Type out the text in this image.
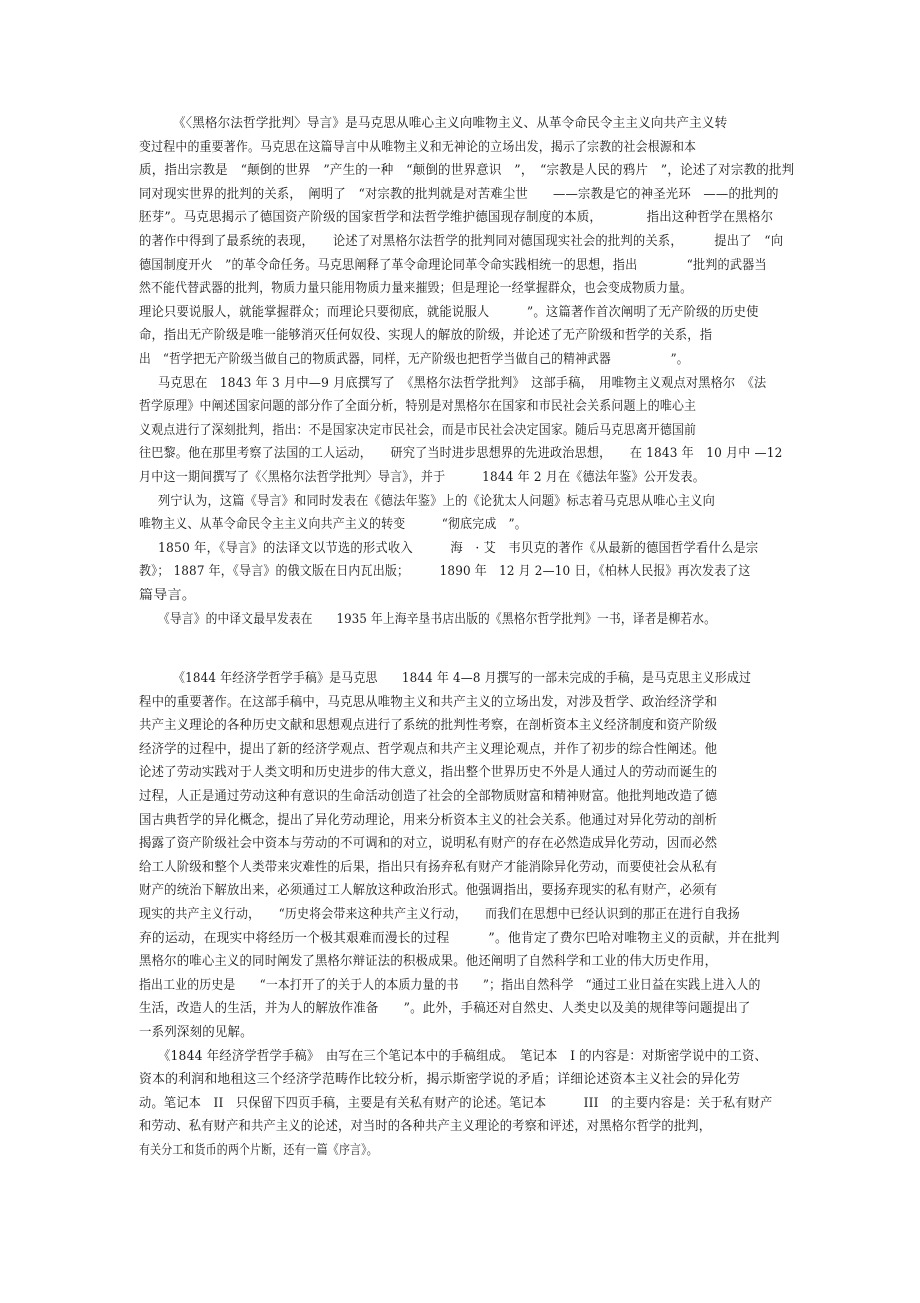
《〈黑格尔法哲学批判〉导言》是马克思从唯心主义向唯物主义、从革令命民令主主义向共产主义转
变过程中的重要著作。马克思在这篇导言中从唯物主义和无神论的立场出发，揭示了宗教的社会根源和本
质，指出宗教是　“颠倒的世界　”产生的一种　“颠倒的世界意识　”，　“宗教是人民的鸦片　”，论述了对宗教的批判
同对现实世界的批判的关系，　阐明了　“对宗教的批判就是对苦难尘世　　——宗教是它的神圣光环　——的批判的
胚芽”。马克思揭示了德国资产阶级的国家哲学和法哲学维护德国现存制度的本质，　　　　指出这种哲学在黑格尔
的著作中得到了最系统的表现，　　论述了对黑格尔法哲学的批判同对德国现实社会的批判的关系，　　　提出了　“向
德国制度开火　”的革令命任务。马克思阐释了革令命理论同革令命实践相统一的思想，指出　　　　“批判的武器当
然不能代替武器的批判，物质力量只能用物质力量来摧毁；但是理论一经掌握群众，也会变成物质力量。
理论只要说服人，就能掌握群众；而理论只要彻底，就能说服人　　　”。这篇著作首次阐明了无产阶级的历史使
命，指出无产阶级是唯一能够消灭任何奴役、实现人的解放的阶级，并论述了无产阶级和哲学的关系，指
出　“哲学把无产阶级当做自己的物质武器，同样，无产阶级也把哲学当做自己的精神武器　　　　　”。
马克思在　1843 年 3 月中—9 月底撰写了　《黑格尔法哲学批判》　这部手稿，　用唯物主义观点对黑格尔　《法
哲学原理》中阐述国家问题的部分作了全面分析，特别是对黑格尔在国家和市民社会关系问题上的唯心主
义观点进行了深刻批判，指出：不是国家决定市民社会，而是市民社会决定国家。随后马克思离开德国前
往巴黎。他在那里考察了法国的工人运动，　　研究了当时进步思想界的先进政治思想，　　在 1843 年　10 月中 —12
月中这一期间撰写了《〈黑格尔法哲学批判〉导言》，并于　　　1844 年 2 月在《德法年鉴》公开发表。
列宁认为，这篇《导言》和同时发表在《德法年鉴》上的《论犹太人问题》标志着马克思从唯心主义向
唯物主义、从革令命民令主主义向共产主义的转变　　　“彻底完成　”。
1850 年，《导言》的法译文以节选的形式收入　　　海　· 艾　韦贝克的著作《从最新的德国哲学看什么是宗
教》； 1887 年，《导言》的俄文版在日内瓦出版；　　　1890 年　12 月 2—10 日，《柏林人民报》再次发表了这
篇导言。
《导言》的中译文最早发表在　　1935 年上海辛垦书店出版的《黑格尔哲学批判》一书，译者是柳若水。
《1844 年经济学哲学手稿》是马克思　　1844 年 4—8 月撰写的一部未完成的手稿，是马克思主义形成过
程中的重要著作。在这部手稿中，马克思从唯物主义和共产主义的立场出发，对涉及哲学、政治经济学和
共产主义理论的各种历史文献和思想观点进行了系统的批判性考察，在剖析资本主义经济制度和资产阶级
经济学的过程中，提出了新的经济学观点、哲学观点和共产主义理论观点，并作了初步的综合性阐述。他
论述了劳动实践对于人类文明和历史进步的伟大意义，指出整个世界历史不外是人通过人的劳动而诞生的
过程，人正是通过劳动这种有意识的生命活动创造了社会的全部物质财富和精神财富。他批判地改造了德
国古典哲学的异化概念，提出了异化劳动理论，用来分析资本主义的社会关系。他通过对异化劳动的剖析
揭露了资产阶级社会中资本与劳动的不可调和的对立，说明私有财产的存在必然造成异化劳动，因而必然
给工人阶级和整个人类带来灾难性的后果，指出只有扬弃私有财产才能消除异化劳动，而要使社会从私有
财产的统治下解放出来，必须通过工人解放这种政治形式。他强调指出，要扬弃现实的私有财产，必须有
现实的共产主义行动，　　“历史将会带来这种共产主义行动，　　而我们在思想中已经认识到的那正在进行自我扬
弃的运动，在现实中将经历一个极其艰难而漫长的过程　　　”。他肯定了费尔巴哈对唯物主义的贡献，并在批判
黑格尔的唯心主义的同时阐发了黑格尔辩证法的积极成果。他还阐明了自然科学和工业的伟大历史作用，
指出工业的历史是　　“一本打开了的关于人的本质力量的书　　”；指出自然科学　“通过工业日益在实践上进入人的
生活，改造人的生活，并为人的解放作准备　　”。此外，手稿还对自然史、人类史以及美的规律等问题提出了
一系列深刻的见解。
《1844 年经济学哲学手稿》　由写在三个笔记本中的手稿组成。　笔记本　I 的内容是：对斯密学说中的工资、
资本的利润和地租这三个经济学范畴作比较分析，揭示斯密学说的矛盾；详细论述资本主义社会的异化劳
动。笔记本　II　只保留下四页手稿，主要是有关私有财产的论述。笔记本　　　III　的主要内容是：关于私有财产
和劳动、私有财产和共产主义的论述，对当时的各种共产主义理论的考察和评述，对黑格尔哲学的批判，
有关分工和货币的两个片断，还有一篇《序言》。
